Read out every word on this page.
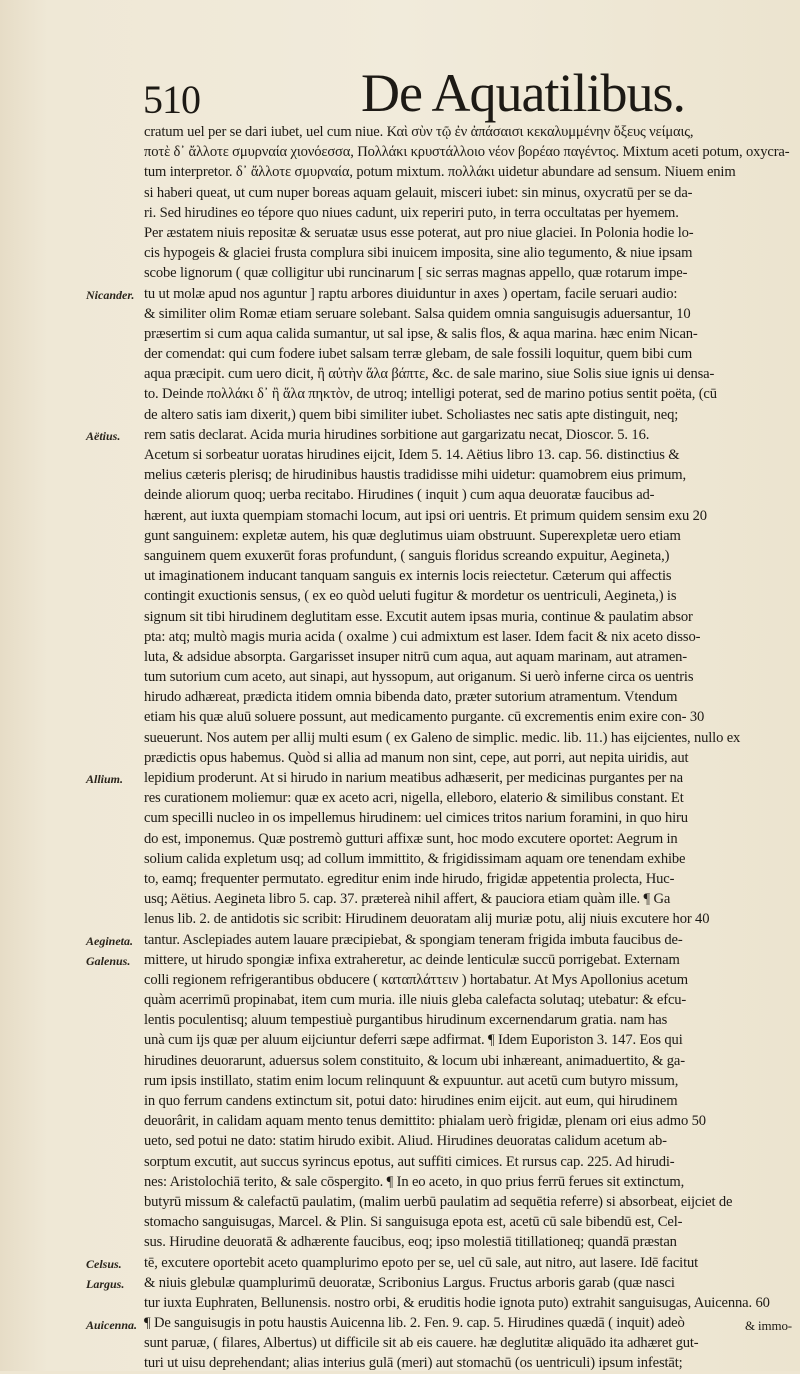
510	De Aquatilibus.
Nicander.
Aëtius.
Allium.
Aegineta.
Galenus.
Celsus.
Largus.
Auicenna.
cratum uel per se dari iubet, uel cum niue. Καὶ σὺν τῷ ἐν ἀπάσαισι κεκαλυμμένην ὄξευς νείμαις,
ποτὲ δ᾽ ἄλλοτε σμυρναία χιονόεσσα, Πολλάκι κρυστάλλοιο νέον βορέαο παγέντος. Mixtum aceti potum, oxycra-
tum interpretor. δ᾽ ἄλλοτε σμυρναία, potum mixtum. πολλάκι uidetur abundare ad sensum. Niuem enim
si haberi queat, ut cum nuper boreas aquam gelauit, misceri iubet: sin minus, oxycratū per se da-
ri. Sed hirudines eo tépore quo niues cadunt, uix reperiri puto, in terra occultatas per hyemem.
Per æstatem niuis repositæ & seruatæ usus esse poterat, aut pro niue glaciei. In Polonia hodie lo-
cis hypogeis & glaciei frusta complura sibi inuicem imposita, sine alio tegumento, & niue ipsam
scobe lignorum ( quæ colligitur ubi runcinarum [ sic serras magnas appello, quæ rotarum impe-
tu ut molæ apud nos aguntur ] raptu arbores diuiduntur in axes ) opertam, facile seruari audio:
& similiter olim Romæ etiam seruare solebant. Salsa quidem omnia sanguisugis aduersantur, 10
præsertim si cum aqua calida sumantur, ut sal ipse, & salis flos, & aqua marina. hæc enim Nican-
der comendat: qui cum fodere iubet salsam terræ glebam, de sale fossili loquitur, quem bibi cum
aqua præcipit. cum uero dicit, ἢ αὐτὴν ἅλα βάπτε, &c. de sale marino, siue Solis siue ignis ui densa-
to. Deinde πολλάκι δ᾽ ἢ ἅλα πηκτὸν, de utroq; intelligi poterat, sed de marino potius sentit poëta, (cū
de altero satis iam dixerit,) quem bibi similiter iubet. Scholiastes nec satis apte distinguit, neq;
rem satis declarat. Acida muria hirudines sorbitione aut gargarizatu necat, Dioscor. 5. 16.
Acetum si sorbeatur uoratas hirudines eijcit, Idem 5. 14. Aëtius libro 13. cap. 56. distinctius &
melius cæteris plerisq; de hirudinibus haustis tradidisse mihi uidetur: quamobrem eius primum,
deinde aliorum quoq; uerba recitabo. Hirudines ( inquit ) cum aqua deuoratæ faucibus ad-
hærent, aut iuxta quempiam stomachi locum, aut ipsi ori uentris. Et primum quidem sensim exu 20
gunt sanguinem: expletæ autem, his quæ deglutimus uiam obstruunt. Superexpletæ uero etiam
sanguinem quem exuxerūt foras profundunt, ( sanguis floridus screando expuitur, Aegineta,)
ut imaginationem inducant tanquam sanguis ex internis locis reiectetur. Cæterum qui affectis
contingit exuctionis sensus, ( ex eo quòd ueluti fugitur & mordetur os uentriculi, Aegineta,) is
signum sit tibi hirudinem deglutitam esse. Excutit autem ipsas muria, continue & paulatim absor
pta: atq; multò magis muria acida ( oxalme ) cui admixtum est laser. Idem facit & nix aceto disso-
luta, & adsidue absorpta. Gargarisset insuper nitrū cum aqua, aut aquam marinam, aut atramen-
tum sutorium cum aceto, aut sinapi, aut hyssopum, aut origanum. Si uerò inferne circa os uentris
hirudo adhæreat, prædicta itidem omnia bibenda dato, præter sutorium atramentum. Vtendum
etiam his quæ aluū soluere possunt, aut medicamento purgante. cū excrementis enim exire con- 30
sueuerunt. Nos autem per allij multi esum ( ex Galeno de simplic. medic. lib. 11.) has eijcientes, nullo ex
prædictis opus habemus. Quòd si allia ad manum non sint, cepe, aut porri, aut nepita uiridis, aut
lepidium proderunt. At si hirudo in narium meatibus adhæserit, per medicinas purgantes per na
res curationem moliemur: quæ ex aceto acri, nigella, elleboro, elaterio & similibus constant. Et
cum specilli nucleo in os impellemus hirudinem: uel cimices tritos narium foramini, in quo hiru
do est, imponemus. Quæ postremò gutturi affixæ sunt, hoc modo excutere oportet: Aegrum in
solium calida expletum usq; ad collum immittito, & frigidissimam aquam ore tenendam exhibe
to, eamq; frequenter permutato. egreditur enim inde hirudo, frigidæ appetentia prolecta, Huc-
usq; Aëtius. Aegineta libro 5. cap. 37. prætereà nihil affert, & pauciora etiam quàm ille. ¶ Ga
lenus lib. 2. de antidotis sic scribit: Hirudinem deuoratam alij muriæ potu, alij niuis excutere hor 40
tantur. Asclepiades autem lauare præcipiebat, & spongiam teneram frigida imbuta faucibus de-
mittere, ut hirudo spongiæ infixa extraheretur, ac deinde lenticulæ succū porrigebat. Externam
colli regionem refrigerantibus obducere ( καταπλάττειν ) hortabatur. At Mys Apollonius acetum
quàm acerrimū propinabat, item cum muria. ille niuis gleba calefacta solutaq; utebatur: & efcu-
lentis poculentisq; aluum tempestiuè purgantibus hirudinum excernendarum gratia. nam has
unà cum ijs quæ per aluum eijciuntur deferri sæpe adfirmat. ¶ Idem Euporiston 3. 147. Eos qui
hirudines deuorarunt, aduersus solem constituito, & locum ubi inhæreant, animaduertito, & ga-
rum ipsis instillato, statim enim locum relinquunt & expuuntur. aut acetū cum butyro missum,
in quo ferrum candens extinctum sit, potui dato: hirudines enim eijcit. aut eum, qui hirudinem
deuorârit, in calidam aquam mento tenus demittito: phialam uerò frigidæ, plenam ori eius admo 50
ueto, sed potui ne dato: statim hirudo exibit. Aliud. Hirudines deuoratas calidum acetum ab-
sorptum excutit, aut succus syrincus epotus, aut suffiti cimices. Et rursus cap. 225. Ad hirudi-
nes: Aristolochiā terito, & sale cōspergito. ¶ In eo aceto, in quo prius ferrū ferues sit extinctum,
butyrū missum & calefactū paulatim, (malim uerbū paulatim ad sequētia referre) si absorbeat, eijciet de
stomacho sanguisugas, Marcel. & Plin. Si sanguisuga epota est, acetū cū sale bibendū est, Cel-
sus. Hirudine deuoratā & adhærente faucibus, eoq; ipso molestiā titillationeq; quandā præstan
tē, excutere oportebit aceto quamplurimo epoto per se, uel cū sale, aut nitro, aut lasere. Idē facitut
& niuis glebulæ quamplurimū deuoratæ, Scribonius Largus. Fructus arboris garab (quæ nasci
tur iuxta Euphraten, Bellunensis. nostro orbi, & eruditis hodie ignota puto) extrahit sanguisugas, Auicenna. 60
¶ De sanguisugis in potu haustis Auicenna lib. 2. Fen. 9. cap. 5. Hirudines quædā ( inquit) adeò
sunt paruæ, ( filares, Albertus) ut difficile sit ab eis cauere. hæ deglutitæ aliquādo ita adhæret gut-
turi ut uisu deprehendant; alias interius gulā (meri) aut stomachū (os uentriculi) ipsum infestāt;
& immo-
